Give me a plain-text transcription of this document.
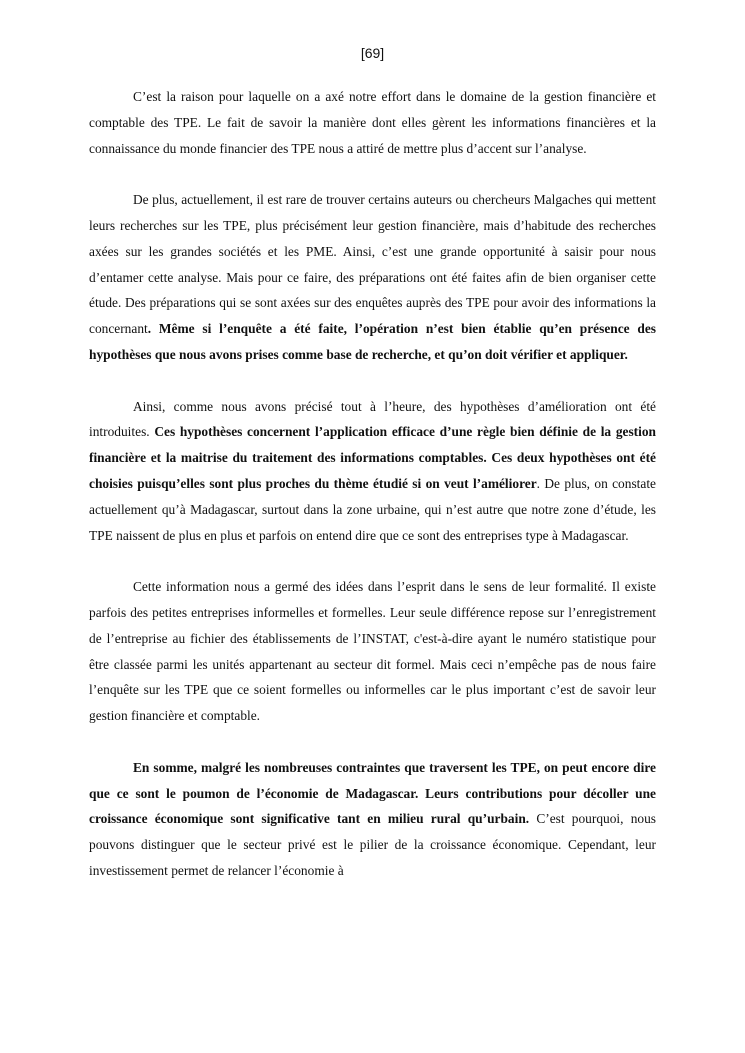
[69]

C’est la raison pour laquelle on a axé notre effort dans le domaine de la gestion financière et comptable des TPE. Le fait de savoir la manière dont elles gèrent les informations financières et la connaissance du monde financier des TPE nous a attiré de mettre plus d’accent sur l’analyse.

De plus, actuellement, il est rare de trouver certains auteurs ou chercheurs Malgaches qui mettent leurs recherches sur les TPE, plus précisément leur gestion financière, mais d’habitude des recherches axées sur les grandes sociétés et les PME. Ainsi, c’est une grande opportunité à saisir pour nous d’entamer cette analyse. Mais pour ce faire, des préparations ont été faites afin de bien organiser cette étude. Des préparations qui se sont axées sur des enquêtes auprès des TPE pour avoir des informations la concernant. Même si l’enquête a été faite, l’opération n’est bien établie qu’en présence des hypothèses que nous avons prises comme base de recherche, et qu’on doit vérifier et appliquer.

Ainsi, comme nous avons précisé tout à l’heure, des hypothèses d’amélioration ont été introduites. Ces hypothèses concernent l’application efficace d’une règle bien définie de la gestion financière et la maitrise du traitement des informations comptables. Ces deux hypothèses ont été choisies puisqu’elles sont plus proches du thème étudié si on veut l’améliorer. De plus, on constate actuellement qu’à Madagascar, surtout dans la zone urbaine, qui n’est autre que notre zone d’étude, les TPE naissent de plus en plus et parfois on entend dire que ce sont des entreprises type à Madagascar.

Cette information nous a germé des idées dans l’esprit dans le sens de leur formalité. Il existe parfois des petites entreprises informelles et formelles. Leur seule différence repose sur l’enregistrement de l’entreprise au fichier des établissements de l’INSTAT, c'est-à-dire ayant le numéro statistique pour être classée parmi les unités appartenant au secteur dit formel. Mais ceci n’empêche pas de nous faire l’enquête sur les TPE que ce soient formelles ou informelles car le plus important c’est de savoir leur gestion financière et comptable.

En somme, malgré les nombreuses contraintes que traversent les TPE, on peut encore dire que ce sont le poumon de l’économie de Madagascar. Leurs contributions pour décoller une croissance économique sont significative tant en milieu rural qu’urbain. C’est pourquoi, nous pouvons distinguer que le secteur privé est le pilier de la croissance économique. Cependant, leur investissement permet de relancer l’économie à
